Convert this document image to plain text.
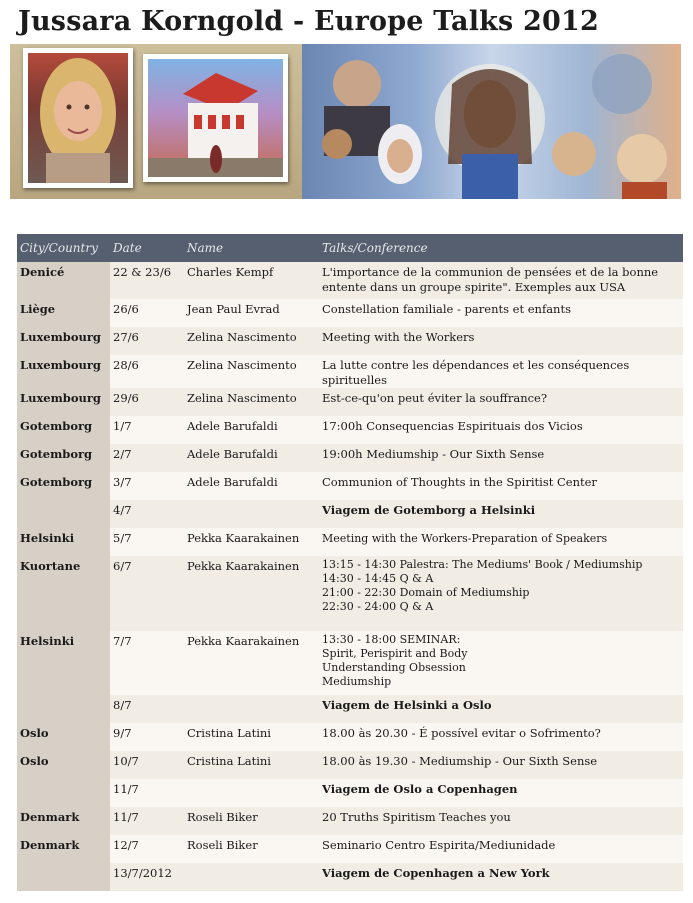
Jussara Korngold - Europe Talks 2012
City/Country	Date	Name	Talks/Conference
Denicé	22 & 23/6	Charles Kempf	L'importance de la communion de pensées et de la bonne
entente dans un groupe spirite". Exemples aux USA

Liège	26/6	Jean Paul Evrad	Constellation familiale - parents et enfants
Luxembourg	27/6	Zelina Nascimento	Meeting with the Workers
Luxembourg	28/6	Zelina Nascimento	La lutte contre les dépendances et les conséquences spirituelles
Luxembourg	29/6	Zelina Nascimento	Est-ce-qu'on peut éviter la souffrance?
Gotemborg	1/7	Adele Barufaldi	17:00h Consequencias Espirituais dos Vicios
Gotemborg	2/7	Adele Barufaldi	19:00h Mediumship - Our Sixth Sense
Gotemborg	3/7	Adele Barufaldi	Communion of Thoughts in the Spiritist Center
	4/7		Viagem de Gotemborg a Helsinki
Helsinki	5/7	Pekka Kaarakainen	Meeting with the Workers-Preparation of Speakers
Kuortane	6/7	Pekka Kaarakainen	13:15 - 14:30 Palestra: The Mediums' Book / Mediumship
14:30 - 14:45 Q & A
21:00 - 22:30 Domain of Mediumship
22:30 - 24:00 Q & A

Helsinki	7/7	Pekka Kaarakainen	13:30 - 18:00 SEMINAR:
Spirit, Perispirit and Body
Understanding Obsession
Mediumship

	8/7		Viagem de Helsinki a Oslo
Oslo	9/7	Cristina Latini	18.00 às 20.30 - É possível evitar o Sofrimento?
Oslo	10/7	Cristina Latini	18.00 às 19.30 - Mediumship - Our Sixth Sense
	11/7		Viagem de Oslo a Copenhagen
Denmark	11/7	Roseli Biker	20 Truths Spiritism Teaches you
Denmark	12/7	Roseli Biker	Seminario Centro Espirita/Mediunidade
	13/7/2012		Viagem de Copenhagen a New York
